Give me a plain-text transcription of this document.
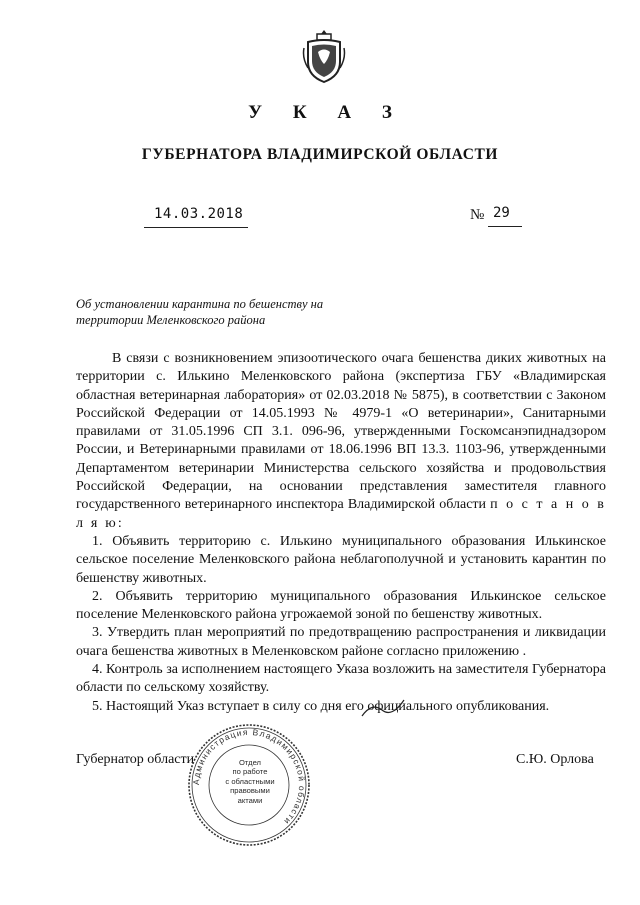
У К А З
ГУБЕРНАТОРА ВЛАДИМИРСКОЙ ОБЛАСТИ
14.03.2018	№ 29
Об установлении карантина по бешенству на территории Меленковского района

В связи с возникновением эпизоотического очага бешенства диких животных на территории с. Илькино Меленковского района (экспертиза ГБУ «Владимирская областная ветеринарная лаборатория» от 02.03.2018 № 5875), в соответствии с Законом Российской Федерации от 14.05.1993 № 4979-1 «О ветеринарии», Санитарными правилами от 31.05.1996 СП 3.1. 096-96, утвержденными Госкомсанэпиднадзором России, и Ветеринарными правилами от 18.06.1996 ВП 13.3. 1103-96, утвержденными Департаментом ветеринарии Министерства сельского хозяйства и продовольствия Российской Федерации, на основании представления заместителя главного государственного ветеринарного инспектора Владимирской области п о с т а н о в л я ю:

1. Объявить территорию с. Илькино муниципального образования Илькинское сельское поселение Меленковского района неблагополучной и установить карантин по бешенству животных.

2. Объявить территорию муниципального образования Илькинское сельское поселение Меленковского района угрожаемой зоной по бешенству животных.

3. Утвердить план мероприятий по предотвращению распространения и ликвидации очага бешенства животных в Меленковском районе согласно приложению .

4. Контроль за исполнением настоящего Указа возложить на заместителя Губернатора области по сельскому хозяйству.

5. Настоящий Указ вступает в силу со дня его официального опубликования.

Губернатор области	С.Ю. Орлова
Администрация Владимирской области
Отдел
по работе
с областными
правовыми
актами
